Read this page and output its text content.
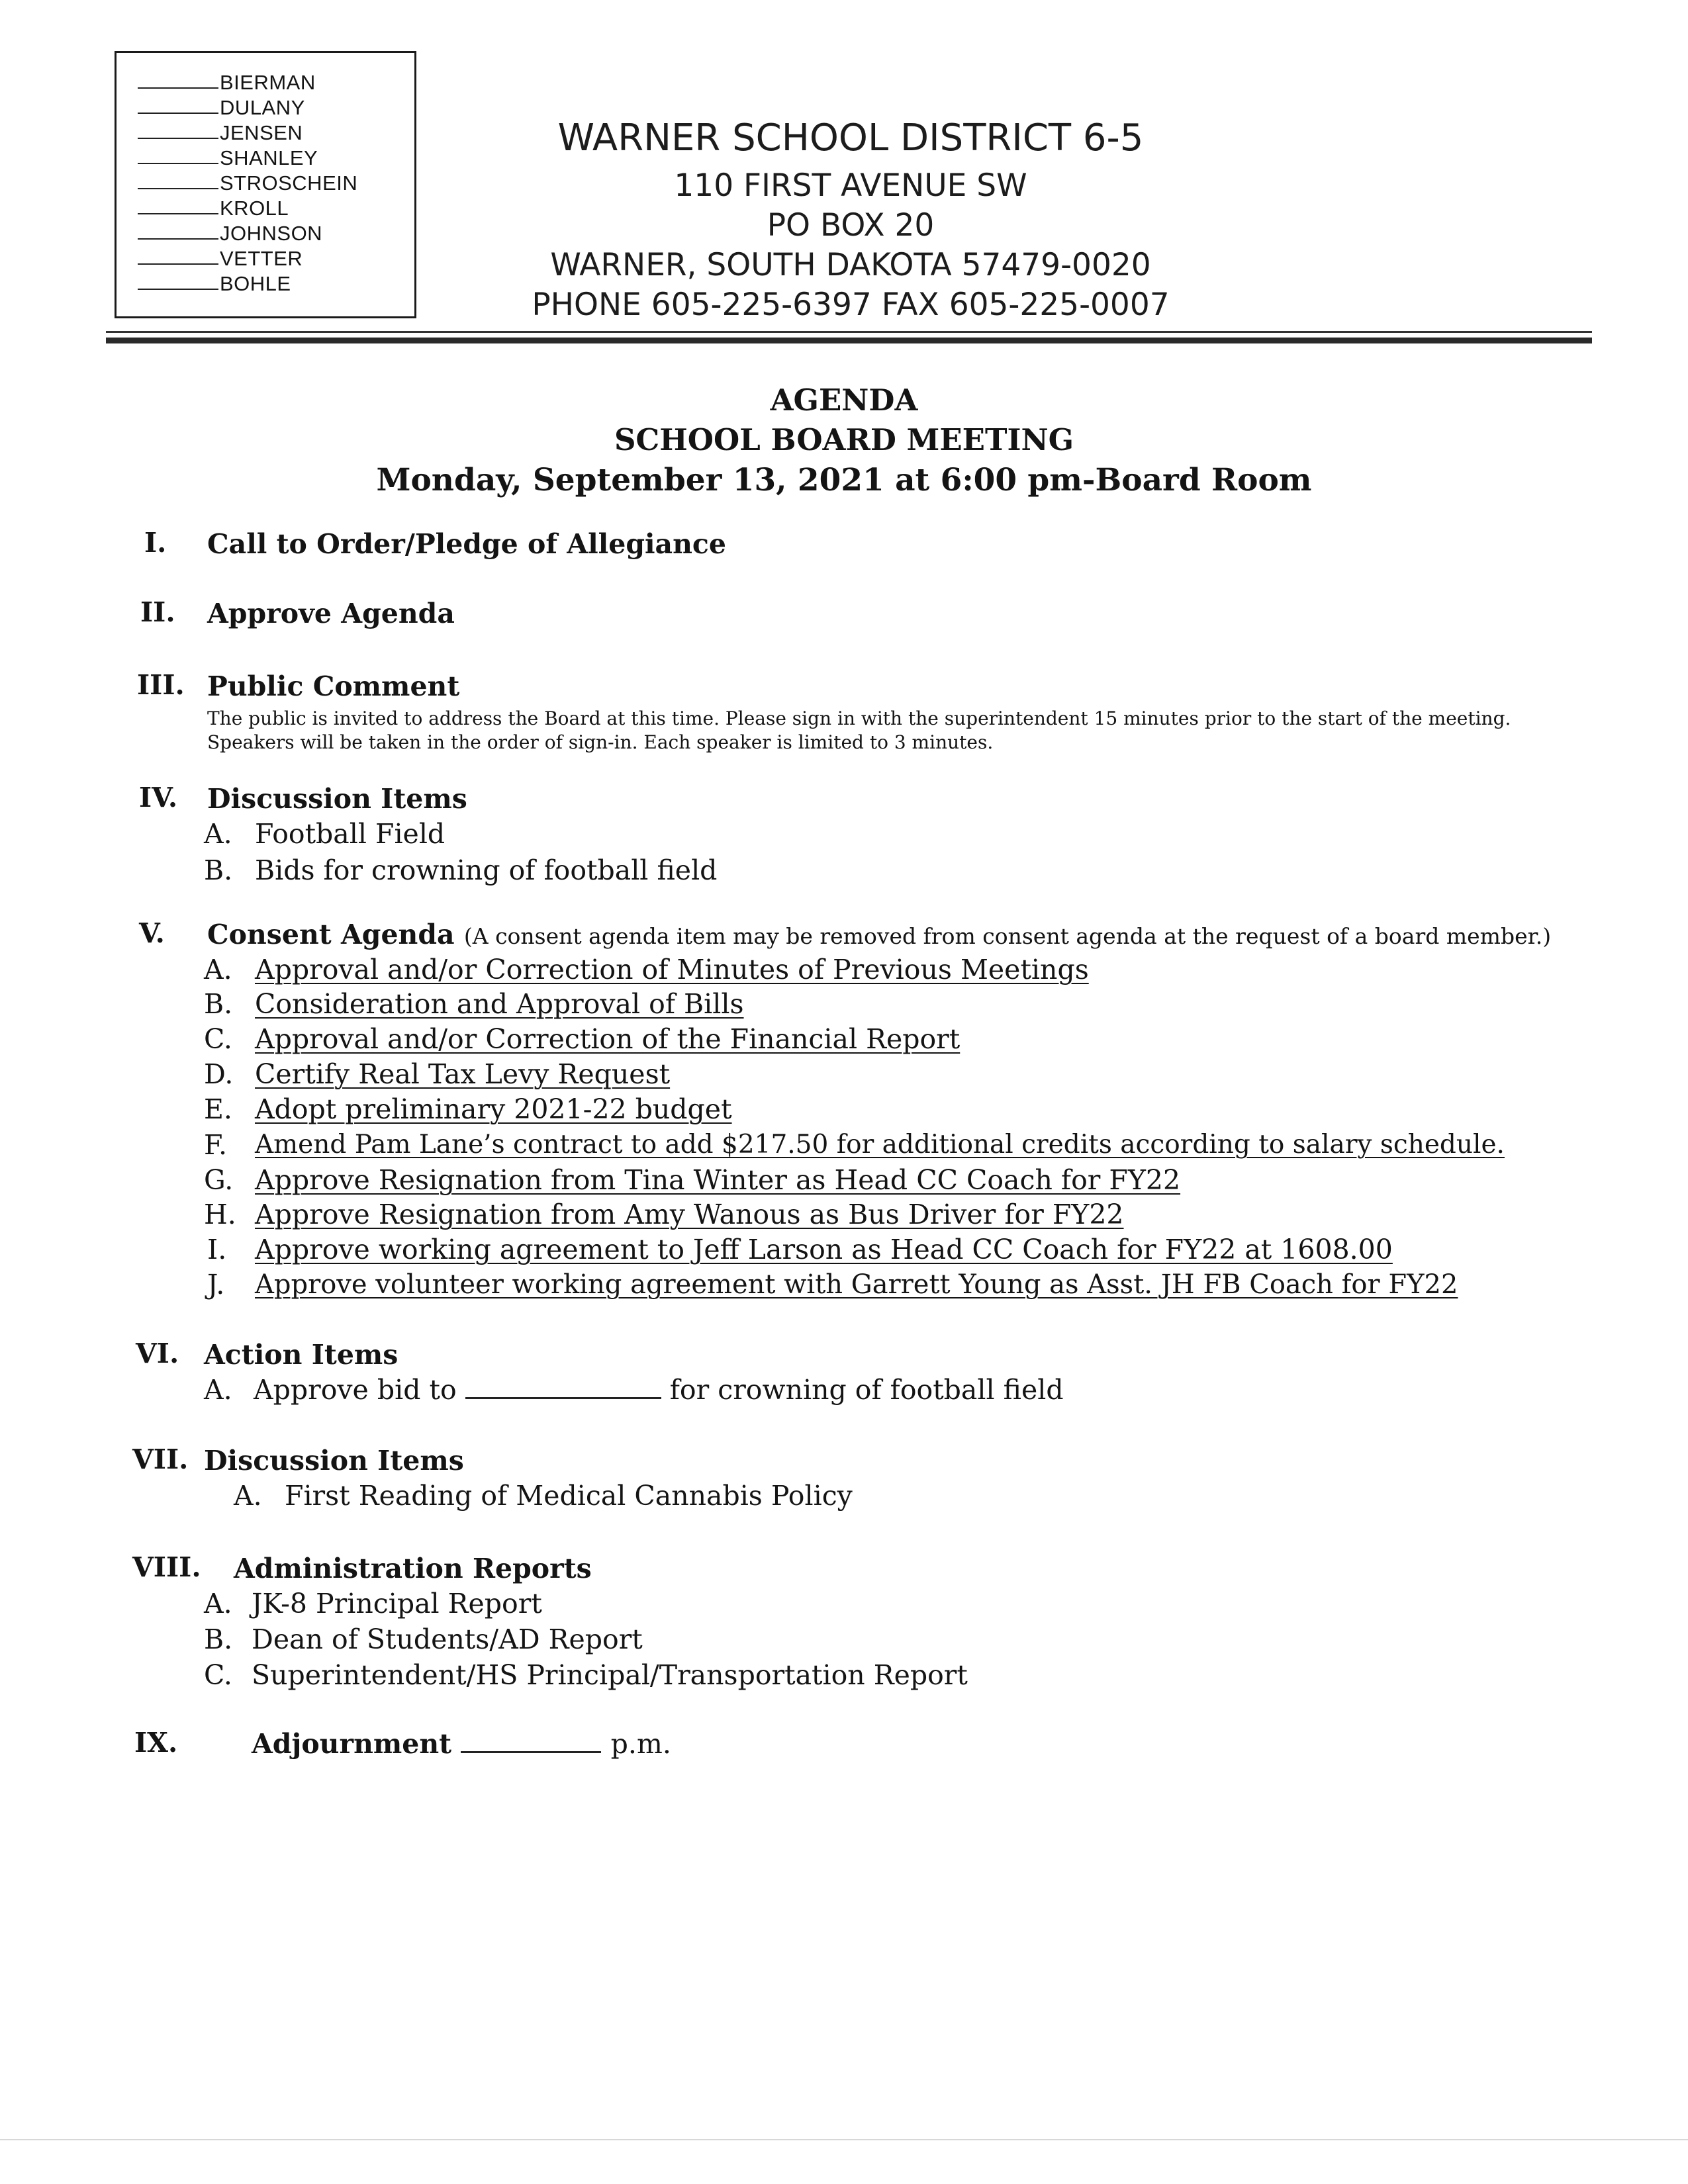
BIERMAN
DULANY
JENSEN
SHANLEY
STROSCHEIN
KROLL
JOHNSON
VETTER
BOHLE
WARNER SCHOOL DISTRICT 6-5
110 FIRST AVENUE SW
PO BOX 20
WARNER, SOUTH DAKOTA 57479-0020
PHONE 605-225-6397 FAX 605-225-0007
AGENDA
SCHOOL BOARD MEETING
Monday, September 13, 2021 at 6:00 pm-Board Room
I. Call to Order/Pledge of Allegiance
II. Approve Agenda
III. Public Comment
The public is invited to address the Board at this time. Please sign in with the superintendent 15 minutes prior to the start of the meeting.
Speakers will be taken in the order of sign-in. Each speaker is limited to 3 minutes.
IV. Discussion Items
A. Football Field
B. Bids for crowning of football field
V. Consent Agenda (A consent agenda item may be removed from consent agenda at the request of a board member.)
A. Approval and/or Correction of Minutes of Previous Meetings
B. Consideration and Approval of Bills
C. Approval and/or Correction of the Financial Report
D. Certify Real Tax Levy Request
E. Adopt preliminary 2021-22 budget
F. Amend Pam Lane’s contract to add $217.50 for additional credits according to salary schedule.
G. Approve Resignation from Tina Winter as Head CC Coach for FY22
H. Approve Resignation from Amy Wanous as Bus Driver for FY22
I. Approve working agreement to Jeff Larson as Head CC Coach for FY22 at 1608.00
J. Approve volunteer working agreement with Garrett Young as Asst. JH FB Coach for FY22
VI. Action Items
A. Approve bid to	for crowning of football field
VII. Discussion Items
A. First Reading of Medical Cannabis Policy
VIII. Administration Reports
A. JK-8 Principal Report
B. Dean of Students/AD Report
C. Superintendent/HS Principal/Transportation Report
IX.	Adjournment	p.m.
